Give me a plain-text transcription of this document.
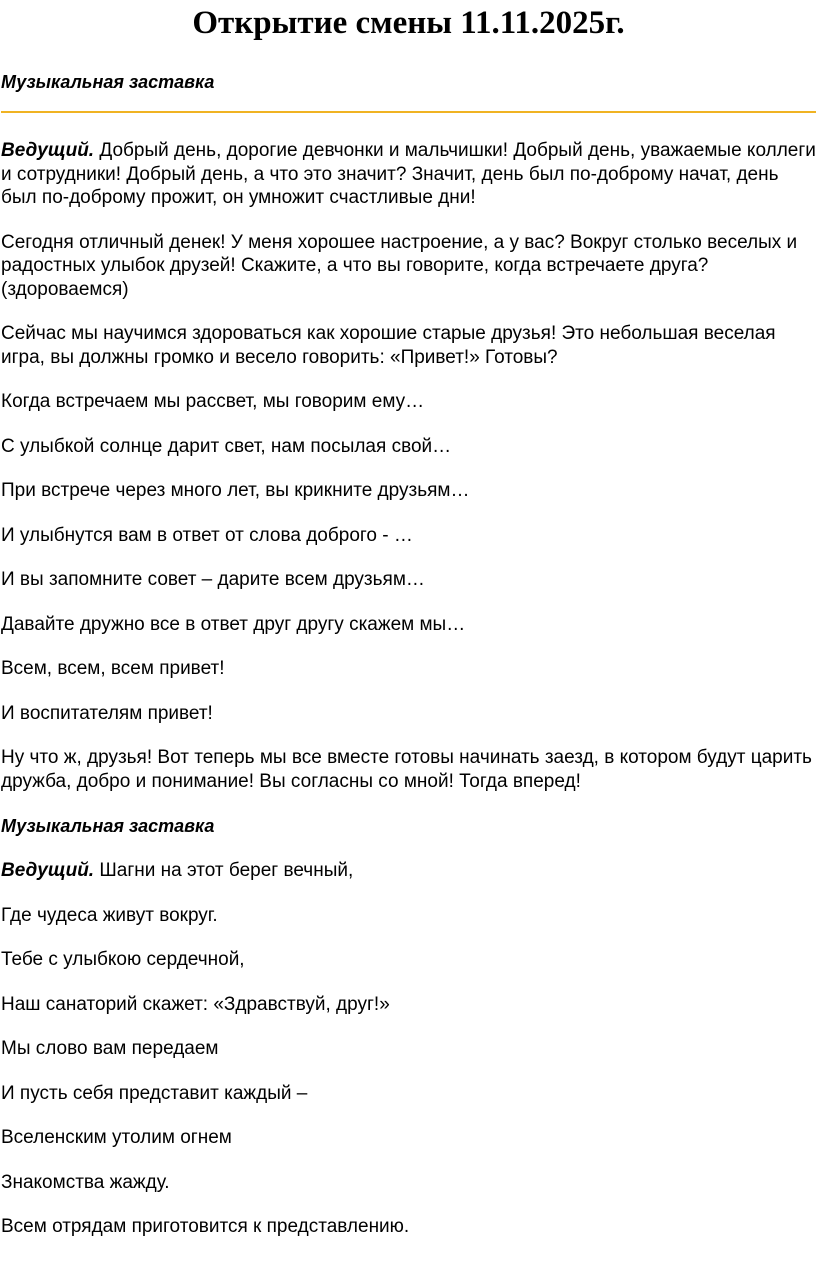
Открытие смены 11.11.2025г.

Музыкальная заставка

Ведущий. Добрый день, дорогие девчонки и мальчишки! Добрый день, уважаемые коллеги и сотрудники! Добрый день, а что это значит? Значит, день был по-доброму начат, день был по-доброму прожит, он умножит счастливые дни!

Сегодня отличный денек! У меня хорошее настроение, а у вас? Вокруг столько веселых и радостных улыбок друзей! Скажите, а что вы говорите, когда встречаете друга? (здороваемся)

Сейчас мы научимся здороваться как хорошие старые друзья! Это небольшая веселая игра, вы должны громко и весело говорить: «Привет!» Готовы?

Когда встречаем мы рассвет, мы говорим ему…

С улыбкой солнце дарит свет, нам посылая свой…

При встрече через много лет, вы крикните друзьям…

И улыбнутся вам в ответ от слова доброго - …

И вы запомните совет – дарите всем друзьям…

Давайте дружно все в ответ друг другу скажем мы…

Всем, всем, всем привет!

И воспитателям привет!

Ну что ж, друзья! Вот теперь мы все вместе готовы начинать заезд, в котором будут царить дружба, добро и понимание! Вы согласны со мной! Тогда вперед!

Музыкальная заставка

Ведущий. Шагни на этот берег вечный,

Где чудеса живут вокруг.

Тебе с улыбкою сердечной,

Наш санаторий скажет: «Здравствуй, друг!»

Мы слово вам передаем

И пусть себя представит каждый –

Вселенским утолим огнем

Знакомства жажду.

Всем отрядам приготовится к представлению.
